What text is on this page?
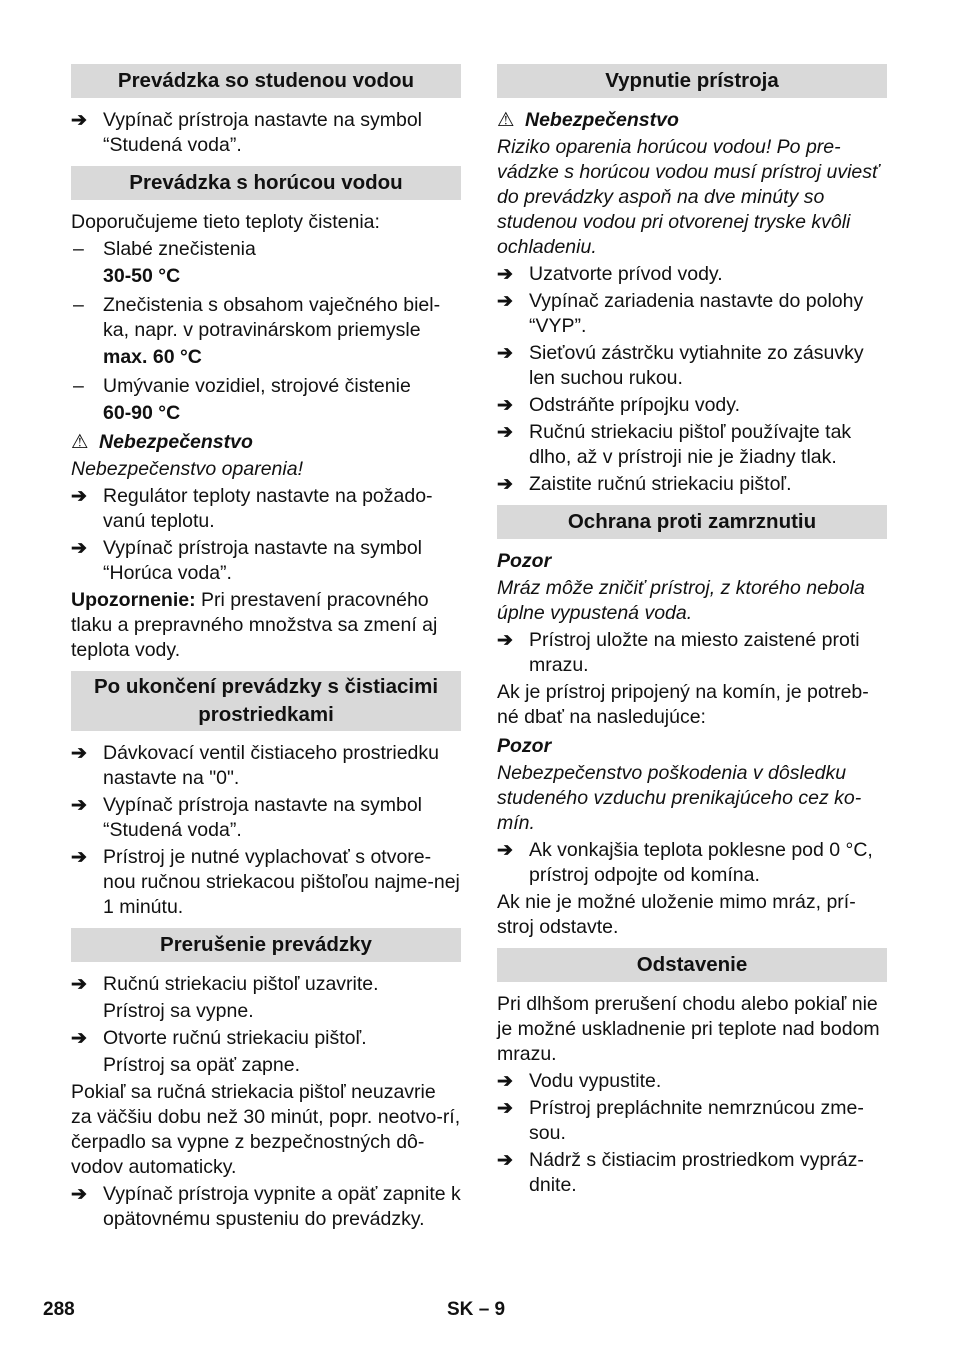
Prevádzka so studenou vodou
➔ Vypínač prístroja nastavte na symbol “Studená voda”.
Prevádzka s horúcou vodou
Doporučujeme tieto teploty čistenia:
– Slabé znečistenia
30-50 °C
– Znečistenia s obsahom vaječného biel-ka, napr. v potravinárskom priemysle
max. 60 °C
– Umývanie vozidiel, strojové čistenie
60-90 °C
⚠ Nebezpečenstvo
Nebezpečenstvo oparenia!
➔ Regulátor teploty nastavte na požado-vanú teplotu.
➔ Vypínač prístroja nastavte na symbol “Horúca voda”.
Upozornenie: Pri prestavení pracovného tlaku a prepravného množstva sa zmení aj teplota vody.
Po ukončení prevádzky s čistiacimi prostriedkami
➔ Dávkovací ventil čistiaceho prostriedku nastavte na "0".
➔ Vypínač prístroja nastavte na symbol “Studená voda”.
➔ Prístroj je nutné vyplachovať s otvore-nou ručnou striekacou pištoľou najme-nej 1 minútu.
Prerušenie prevádzky
➔ Ručnú striekaciu pištoľ uzavrite.
Prístroj sa vypne.
➔ Otvorte ručnú striekaciu pištoľ.
Prístroj sa opäť zapne.
Pokiaľ sa ručná striekacia pištoľ neuzavrie za väčšiu dobu než 30 minút, popr. neotvo-rí, čerpadlo sa vypne z bezpečnostných dô-vodov automaticky.
➔ Vypínač prístroja vypnite a opäť zapnite k opätovnému spusteniu do prevádzky.
Vypnutie prístroja
⚠ Nebezpečenstvo
Riziko oparenia horúcou vodou! Po pre-vádzke s horúcou vodou musí prístroj uviesť do prevádzky aspoň na dve minúty so studenou vodou pri otvorenej tryske kvôli ochladeniu.
➔ Uzatvorte prívod vody.
➔ Vypínač zariadenia nastavte do polohy “VYP”.
➔ Sieťovú zástrčku vytiahnite zo zásuvky len suchou rukou.
➔ Odstráňte prípojku vody.
➔ Ručnú striekaciu pištoľ používajte tak dlho, až v prístroji nie je žiadny tlak.
➔ Zaistite ručnú striekaciu pištoľ.
Ochrana proti zamrznutiu
Pozor
Mráz môže zničiť prístroj, z ktorého nebola úplne vypustená voda.
➔ Prístroj uložte na miesto zaistené proti mrazu.
Ak je prístroj pripojený na komín, je potreb-né dbať na nasledujúce:
Pozor
Nebezpečenstvo poškodenia v dôsledku studeného vzduchu prenikajúceho cez ko-mín.
➔ Ak vonkajšia teplota poklesne pod 0 °C, prístroj odpojte od komína.
Ak nie je možné uloženie mimo mráz, prí-stroj odstavte.
Odstavenie
Pri dlhšom prerušení chodu alebo pokiaľ nie je možné uskladnenie pri teplote nad bodom mrazu.
➔ Vodu vypustite.
➔ Prístroj prepláchnite nemrznúcou zme-sou.
➔ Nádrž s čistiacim prostriedkom vypráz-dnite.
288	SK – 9
